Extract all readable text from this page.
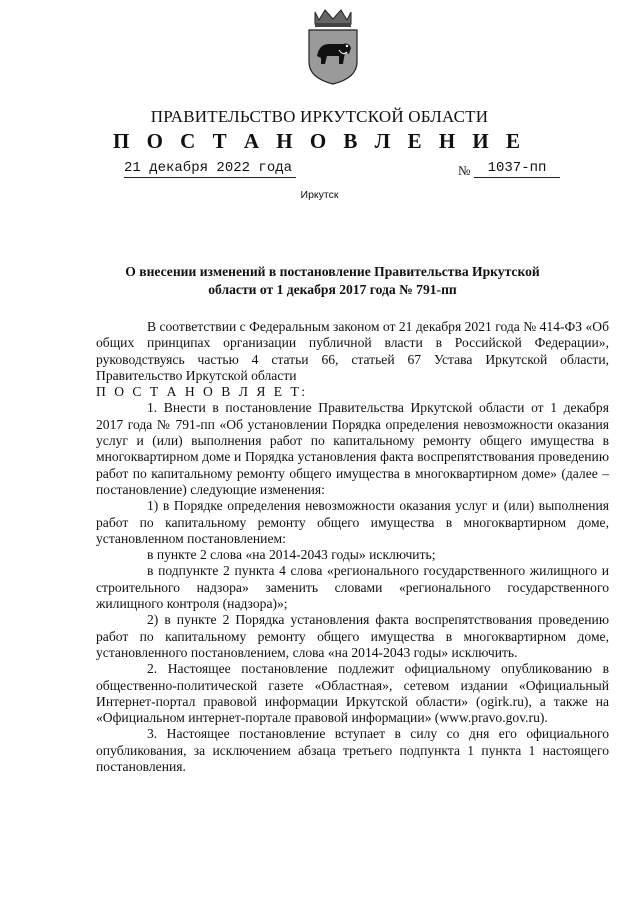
ПРАВИТЕЛЬСТВО ИРКУТСКОЙ ОБЛАСТИ
П О С Т А Н О В Л Е Н И Е
21 декабря 2022 года	№	1037-пп
Иркутск
О внесении изменений в постановление Правительства Иркутской области от 1 декабря 2017 года № 791-пп

В соответствии с Федеральным законом от 21 декабря 2021 года № 414-ФЗ «Об общих принципах организации публичной власти в Российской Федерации», руководствуясь частью 4 статьи 66, статьей 67 Устава Иркутской области, Правительство Иркутской области

П О С Т А Н О В Л Я Е Т:

1. Внести в постановление Правительства Иркутской области от 1 декабря 2017 года № 791-пп «Об установлении Порядка определения невозможности оказания услуг и (или) выполнения работ по капитальному ремонту общего имущества в многоквартирном доме и Порядка установления факта воспрепятствования проведению работ по капитальному ремонту общего имущества в многоквартирном доме» (далее – постановление) следующие изменения:

1) в Порядке определения невозможности оказания услуг и (или) выполнения работ по капитальному ремонту общего имущества в многоквартирном доме, установленном постановлением:

в пункте 2 слова «на 2014-2043 годы» исключить;

в подпункте 2 пункта 4 слова «регионального государственного жилищного и строительного надзора» заменить словами «регионального государственного жилищного контроля (надзора)»;

2) в пункте 2 Порядка установления факта воспрепятствования проведению работ по капитальному ремонту общего имущества в многоквартирном доме, установленного постановлением, слова «на 2014-2043 годы» исключить.

2. Настоящее постановление подлежит официальному опубликованию в общественно-политической газете «Областная», сетевом издании «Официальный Интернет-портал правовой информации Иркутской области» (ogirk.ru), а также на «Официальном интернет-портале правовой информации» (www.pravo.gov.ru).

3. Настоящее постановление вступает в силу со дня его официального опубликования, за исключением абзаца третьего подпункта 1 пункта 1 настоящего постановления.
